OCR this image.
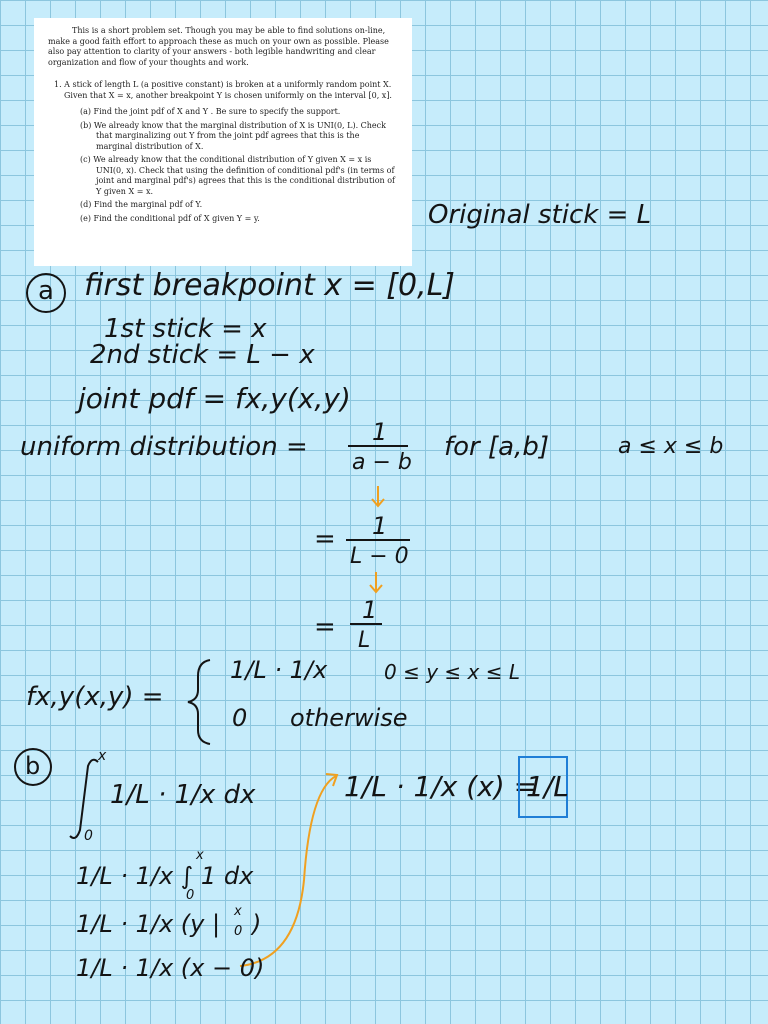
This is a short problem set. Though you may be able to find solutions on-line, make a good faith effort to approach these as much on your own as possible. Please also pay attention to clarity of your answers - both legible handwriting and clear organization and flow of your thoughts and work.

1. A stick of length L (a positive constant) is broken at a uniformly random point X. Given that X = x, another breakpoint Y is chosen uniformly on the interval [0, x].

(a) Find the joint pdf of X and Y . Be sure to specify the support.
(b) We already know that the marginal distribution of X is UNI(0, L). Check that marginalizing out Y from the joint pdf agrees that this is the marginal distribution of X.
(c) We already know that the conditional distribution of Y given X = x is UNI(0, x). Check that using the definition of conditional pdf's (in terms of joint and marginal pdf's) agrees that this is the conditional distribution of Y given X = x.
(d) Find the marginal pdf of Y.
(e) Find the conditional pdf of X given Y = y.	Original stick = L
a first breakpoint x = [0,L]
1st stick = x
2nd stick = L − x
joint pdf = fx,y(x,y)
uniform distribution =	1
a − b
for [a,b]	a ≤ x ≤ b
= 1
L − 0
=
1
L
fx,y(x,y) =
1/L · 1/x	0 ≤ y ≤ x ≤ L
0 otherwise
b	x
0
1/L · 1/x dx	1/L · 1/x (x) =
1/L
1/L · 1/x ∫ 1 dx
x
0
1/L · 1/x (y | x
0 )
1/L · 1/x (x − 0)
